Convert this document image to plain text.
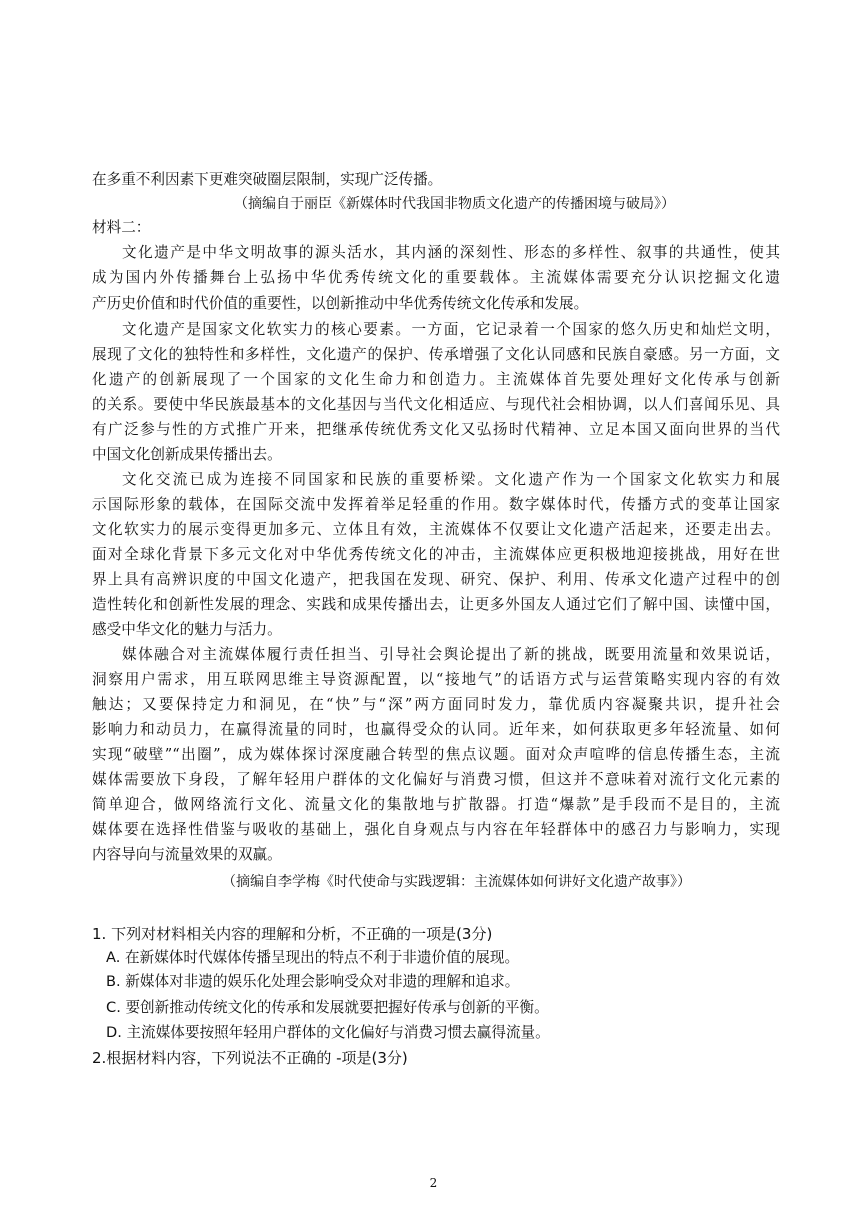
在多重不利因素下更难突破圈层限制，实现广泛传播。
（摘编自于丽臣《新媒体时代我国非物质文化遗产的传播困境与破局》）
材料二：
文化遗产是中华文明故事的源头活水，其内涵的深刻性、形态的多样性、叙事的共通性，使其
成为国内外传播舞台上弘扬中华优秀传统文化的重要载体。主流媒体需要充分认识挖掘文化遗
产历史价值和时代价值的重要性，以创新推动中华优秀传统文化传承和发展。
文化遗产是国家文化软实力的核心要素。一方面，它记录着一个国家的悠久历史和灿烂文明，
展现了文化的独特性和多样性，文化遗产的保护、传承增强了文化认同感和民族自豪感。另一方面，文
化遗产的创新展现了一个国家的文化生命力和创造力。主流媒体首先要处理好文化传承与创新
的关系。要使中华民族最基本的文化基因与当代文化相适应、与现代社会相协调，以人们喜闻乐见、具
有广泛参与性的方式推广开来，把继承传统优秀文化又弘扬时代精神、立足本国又面向世界的当代
中国文化创新成果传播出去。
文化交流已成为连接不同国家和民族的重要桥梁。文化遗产作为一个国家文化软实力和展
示国际形象的载体，在国际交流中发挥着举足轻重的作用。数字媒体时代，传播方式的变革让国家
文化软实力的展示变得更加多元、立体且有效，主流媒体不仅要让文化遗产活起来，还要走出去。
面对全球化背景下多元文化对中华优秀传统文化的冲击，主流媒体应更积极地迎接挑战，用好在世
界上具有高辨识度的中国文化遗产，把我国在发现、研究、保护、利用、传承文化遗产过程中的创
造性转化和创新性发展的理念、实践和成果传播出去，让更多外国友人通过它们了解中国、读懂中国，
感受中华文化的魅力与活力。
媒体融合对主流媒体履行责任担当、引导社会舆论提出了新的挑战，既要用流量和效果说话，
洞察用户需求，用互联网思维主导资源配置，以“接地气”的话语方式与运营策略实现内容的有效
触达；又要保持定力和洞见，在“快”与“深”两方面同时发力，靠优质内容凝聚共识，提升社会
影响力和动员力，在赢得流量的同时，也赢得受众的认同。近年来，如何获取更多年轻流量、如何
实现“破壁”“出圈”，成为媒体探讨深度融合转型的焦点议题。面对众声喧哗的信息传播生态，主流
媒体需要放下身段，了解年轻用户群体的文化偏好与消费习惯，但这并不意味着对流行文化元素的
简单迎合，做网络流行文化、流量文化的集散地与扩散器。打造“爆款”是手段而不是目的，主流
媒体要在选择性借鉴与吸收的基础上，强化自身观点与内容在年轻群体中的感召力与影响力，实现
内容导向与流量效果的双赢。
（摘编自李学梅《时代使命与实践逻辑：主流媒体如何讲好文化遗产故事》）
1. 下列对材料相关内容的理解和分析，不正确的一项是(3分)
A. 在新媒体时代媒体传播呈现出的特点不利于非遗价值的展现。
B. 新媒体对非遗的娱乐化处理会影响受众对非遗的理解和追求。
C. 要创新推动传统文化的传承和发展就要把握好传承与创新的平衡。
D. 主流媒体要按照年轻用户群体的文化偏好与消费习惯去赢得流量。
2.根据材料内容，下列说法不正确的 -项是(3分)
2
